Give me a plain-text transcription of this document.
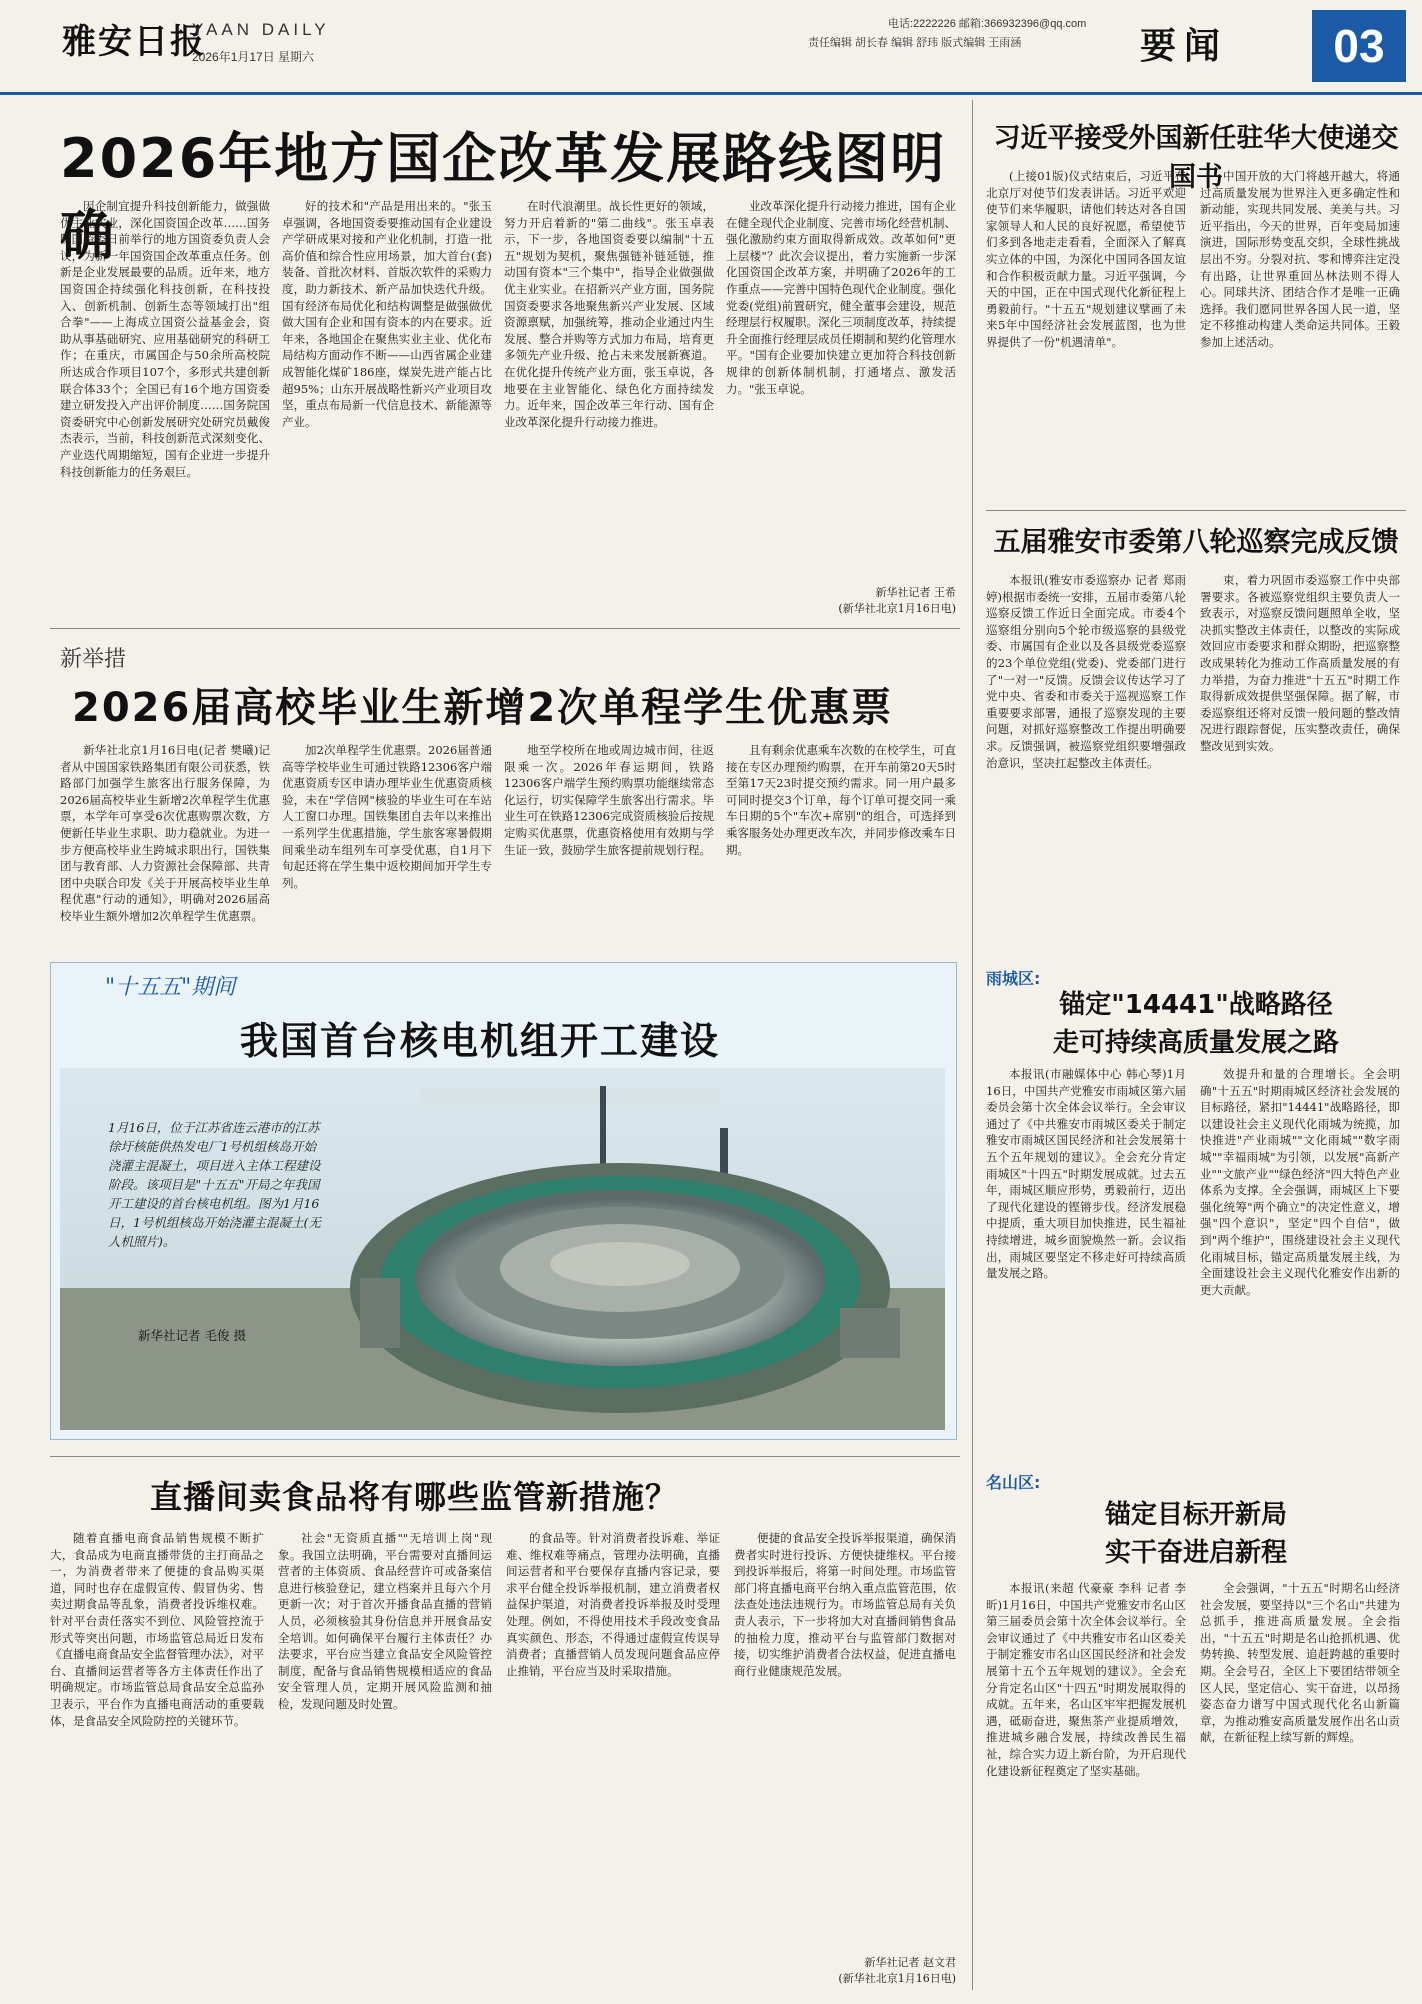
雅安日报
YAAN DAILY
2026年1月17日 星期六
电话:2222226 邮箱:366932396@qq.com
责任编辑 胡长春 编辑 舒玮 版式编辑 王雨涵	要闻	03
2026年地方国企改革发展路线图明确

因企制宜提升科技创新能力，做强做优主业实业，深化国资国企改革……国务院国资委日前举行的地方国资委负责人会议，为新一年国资国企改革重点任务。创新是企业发展最要的品质。近年来，地方国资国企持续强化科技创新，在科技投入、创新机制、创新生态等领域打出"组合拳"——上海成立国资公益基金会，资助从事基础研究、应用基础研究的科研工作；在重庆，市属国企与50余所高校院所达成合作项目107个，多形式共建创新联合体33个；全国已有16个地方国资委建立研发投入产出评价制度……国务院国资委研究中心创新发展研究处研究员戴俊杰表示，当前，科技创新范式深刻变化、产业迭代周期缩短，国有企业进一步提升科技创新能力的任务艰巨。

好的技术和"产品是用出来的。"张玉卓强调，各地国资委要推动国有企业建设产学研成果对接和产业化机制，打造一批高价值和综合性应用场景，加大首台(套)装备、首批次材料、首版次软件的采购力度，助力新技术、新产品加快迭代升级。国有经济布局优化和结构调整是做强做优做大国有企业和国有资本的内在要求。近年来，各地国企在聚焦实业主业、优化布局结构方面动作不断——山西省属企业建成智能化煤矿186座，煤炭先进产能占比超95%；山东开展战略性新兴产业项目攻坚，重点布局新一代信息技术、新能源等产业。

在时代浪潮里。战长性更好的领域，努力开启着新的"第二曲线"。张玉卓表示，下一步，各地国资委要以编制"十五五"规划为契机，聚焦强链补链延链，推动国有资本"三个集中"，指导企业做强做优主业实业。在招新兴产业方面，国务院国资委要求各地聚焦新兴产业发展、区域资源禀赋，加强统筹，推动企业通过内生发展、整合并购等方式加力布局，培育更多领先产业升级、抢占未来发展新赛道。在优化提升传统产业方面，张玉卓说，各地要在主业智能化、绿色化方面持续发力。近年来，国企改革三年行动、国有企业改革深化提升行动接力推进。

业改革深化提升行动接力推进，国有企业在健全现代企业制度、完善市场化经营机制、强化激励约束方面取得新成效。改革如何"更上层楼"？此次会议提出，着力实施新一步深化国资国企改革方案，并明确了2026年的工作重点——完善中国特色现代企业制度。强化党委(党组)前置研究，健全董事会建设，规范经理层行权履职。深化三项制度改革，持续提升全面推行经理层成员任期制和契约化管理水平。"国有企业要加快建立更加符合科技创新规律的创新体制机制，打通堵点、激发活力。"张玉卓说。

新华社记者 王希
(新华社北京1月16日电)
习近平接受外国新任驻华大使递交国书

(上接01版)仪式结束后，习近平在北京厅对使节们发表讲话。习近平欢迎使节们来华履职，请他们转达对各自国家领导人和人民的良好祝愿，希望使节们多到各地走走看看，全面深入了解真实立体的中国，为深化中国同各国友谊和合作积极贡献力量。习近平强调，今天的中国，正在中国式现代化新征程上勇毅前行。"十五五"规划建议擘画了未来5年中国经济社会发展蓝图，也为世界提供了一份"机遇清单"。

中国开放的大门将越开越大，将通过高质量发展为世界注入更多确定性和新动能，实现共同发展、美美与共。习近平指出，今天的世界，百年变局加速演进，国际形势变乱交织，全球性挑战层出不穷。分裂对抗、零和博弈注定没有出路，让世界重回丛林法则不得人心。同球共济、团结合作才是唯一正确选择。我们愿同世界各国人民一道，坚定不移推动构建人类命运共同体。王毅参加上述活动。

五届雅安市委第八轮巡察完成反馈

本报讯(雅安市委巡察办 记者 郑雨婷)根据市委统一安排，五届市委第八轮巡察反馈工作近日全面完成。市委4个巡察组分别向5个轮市级巡察的县级党委、市属国有企业以及各县级党委巡察的23个单位党组(党委)、党委部门进行了"一对一"反馈。反馈会议传达学习了党中央、省委和市委关于巡视巡察工作重要要求部署，通报了巡察发现的主要问题，对抓好巡察整改工作提出明确要求。反馈强调，被巡察党组织要增强政治意识，坚决扛起整改主体责任。

束，着力巩固市委巡察工作中央部署要求。各被巡察党组织主要负责人一致表示，对巡察反馈问题照单全收，坚决抓实整改主体责任，以整改的实际成效回应市委要求和群众期盼，把巡察整改成果转化为推动工作高质量发展的有力举措，为奋力推进"十五五"时期工作取得新成效提供坚强保障。据了解，市委巡察组还将对反馈一般问题的整改情况进行跟踪督促，压实整改责任，确保整改见到实效。

新举措
2026届高校毕业生新增2次单程学生优惠票

新华社北京1月16日电(记者 樊曦)记者从中国国家铁路集团有限公司获悉，铁路部门加强学生旅客出行服务保障，为2026届高校毕业生新增2次单程学生优惠票，本学年可享受6次优惠购票次数，方便新任毕业生求职、助力稳就业。为进一步方便高校毕业生跨城求职出行，国铁集团与教育部、人力资源社会保障部、共青团中央联合印发《关于开展高校毕业生单程优惠"行动的通知》，明确对2026届高校毕业生额外增加2次单程学生优惠票。

加2次单程学生优惠票。2026届普通高等学校毕业生可通过铁路12306客户端优惠资质专区申请办理毕业生优惠资质核验，未在"学信网"核验的毕业生可在车站人工窗口办理。国铁集团自去年以来推出一系列学生优惠措施，学生旅客寒暑假期间乘坐动车组列车可享受优惠，自1月下旬起还将在学生集中返校期间加开学生专列。

地至学校所在地或周边城市间，往返限乘一次。2026年春运期间，铁路12306客户端学生预约购票功能继续常态化运行，切实保障学生旅客出行需求。毕业生可在铁路12306完成资质核验后按规定购买优惠票，优惠资格使用有效期与学生证一致，鼓励学生旅客提前规划行程。

且有剩余优惠乘车次数的在校学生，可直接在专区办理预约购票，在开车前第20天5时至第17天23时提交预约需求。同一用户最多可同时提交3个订单，每个订单可提交同一乘车日期的5个"车次+席别"的组合，可选择到乘客服务处办理更改车次，并同步修改乘车日期。

"十五五"期间
我国首台核电机组开工建设
1月16日，位于江苏省连云港市的江苏徐圩核能供热发电厂1号机组核岛开始浇灌主混凝土，项目进入主体工程建设阶段。该项目是"十五五"开局之年我国开工建设的首台核电机组。图为1月16日，1号机组核岛开始浇灌主混凝土(无人机照片)。
新华社记者 毛俊 摄
雨城区:
锚定"14441"战略路径
走可持续高质量发展之路

本报讯(市融媒体中心 韩心琴)1月16日，中国共产党雅安市雨城区第六届委员会第十次全体会议举行。全会审议通过了《中共雅安市雨城区委关于制定雅安市雨城区国民经济和社会发展第十五个五年规划的建议》。全会充分肯定雨城区"十四五"时期发展成就。过去五年，雨城区顺应形势，勇毅前行，迈出了现代化建设的铿锵步伐。经济发展稳中提质，重大项目加快推进，民生福祉持续增进，城乡面貌焕然一新。会议指出，雨城区要坚定不移走好可持续高质量发展之路。

效提升和量的合理增长。全会明确"十五五"时期雨城区经济社会发展的目标路径，紧扣"14441"战略路径，即以建设社会主义现代化雨城为统揽，加快推进"产业雨城""文化雨城""数字雨城""幸福雨城"为引领，以发展"高新产业""文旅产业""绿色经济"四大特色产业体系为支撑。全会强调，雨城区上下要强化统筹"两个确立"的决定性意义，增强"四个意识"，坚定"四个自信"，做到"两个维护"，围绕建设社会主义现代化雨城目标，锚定高质量发展主线，为全面建设社会主义现代化雅安作出新的更大贡献。

名山区:
锚定目标开新局
实干奋进启新程

本报讯(来超 代豪豪 李科 记者 李昕)1月16日，中国共产党雅安市名山区第三届委员会第十次全体会议举行。全会审议通过了《中共雅安市名山区委关于制定雅安市名山区国民经济和社会发展第十五个五年规划的建议》。全会充分肯定名山区"十四五"时期发展取得的成就。五年来，名山区牢牢把握发展机遇，砥砺奋进，聚焦茶产业提质增效，推进城乡融合发展，持续改善民生福祉，综合实力迈上新台阶，为开启现代化建设新征程奠定了坚实基础。

全会强调，"十五五"时期名山经济社会发展，要坚持以"三个名山"共建为总抓手，推进高质量发展。全会指出，"十五五"时期是名山抢抓机遇、优势转换、转型发展、追赶跨越的重要时期。全会号召，全区上下要团结带领全区人民，坚定信心、实干奋进，以昂扬姿态奋力谱写中国式现代化名山新篇章，为推动雅安高质量发展作出名山贡献，在新征程上续写新的辉煌。

直播间卖食品将有哪些监管新措施？

随着直播电商食品销售规模不断扩大，食品成为电商直播带货的主打商品之一，为消费者带来了便捷的食品购买渠道，同时也存在虚假宣传、假冒伪劣、售卖过期食品等乱象，消费者投诉维权难。针对平台责任落实不到位、风险管控流于形式等突出问题，市场监管总局近日发布《直播电商食品安全监督管理办法》，对平台、直播间运营者等各方主体责任作出了明确规定。市场监管总局食品安全总监孙卫表示，平台作为直播电商活动的重要载体，是食品安全风险防控的关键环节。

社会"无资质直播""无培训上岗"现象。我国立法明确，平台需要对直播间运营者的主体资质、食品经营许可或备案信息进行核验登记，建立档案并且每六个月更新一次；对于首次开播食品直播的营销人员，必须核验其身份信息并开展食品安全培训。如何确保平台履行主体责任？办法要求，平台应当建立食品安全风险管控制度，配备与食品销售规模相适应的食品安全管理人员，定期开展风险监测和抽检，发现问题及时处置。

的食品等。针对消费者投诉难、举证难、维权难等痛点，管理办法明确，直播间运营者和平台要保存直播内容记录，要求平台健全投诉举报机制，建立消费者权益保护渠道，对消费者投诉举报及时受理处理。例如，不得使用技术手段改变食品真实颜色、形态，不得通过虚假宣传误导消费者；直播营销人员发现问题食品应停止推销，平台应当及时采取措施。

便捷的食品安全投诉举报渠道，确保消费者实时进行投诉、方便快捷维权。平台接到投诉举报后，将第一时间处理。市场监管部门将直播电商平台纳入重点监管范围，依法查处违法违规行为。市场监管总局有关负责人表示，下一步将加大对直播间销售食品的抽检力度，推动平台与监管部门数据对接，切实维护消费者合法权益，促进直播电商行业健康规范发展。

新华社记者 赵文君
(新华社北京1月16日电)
